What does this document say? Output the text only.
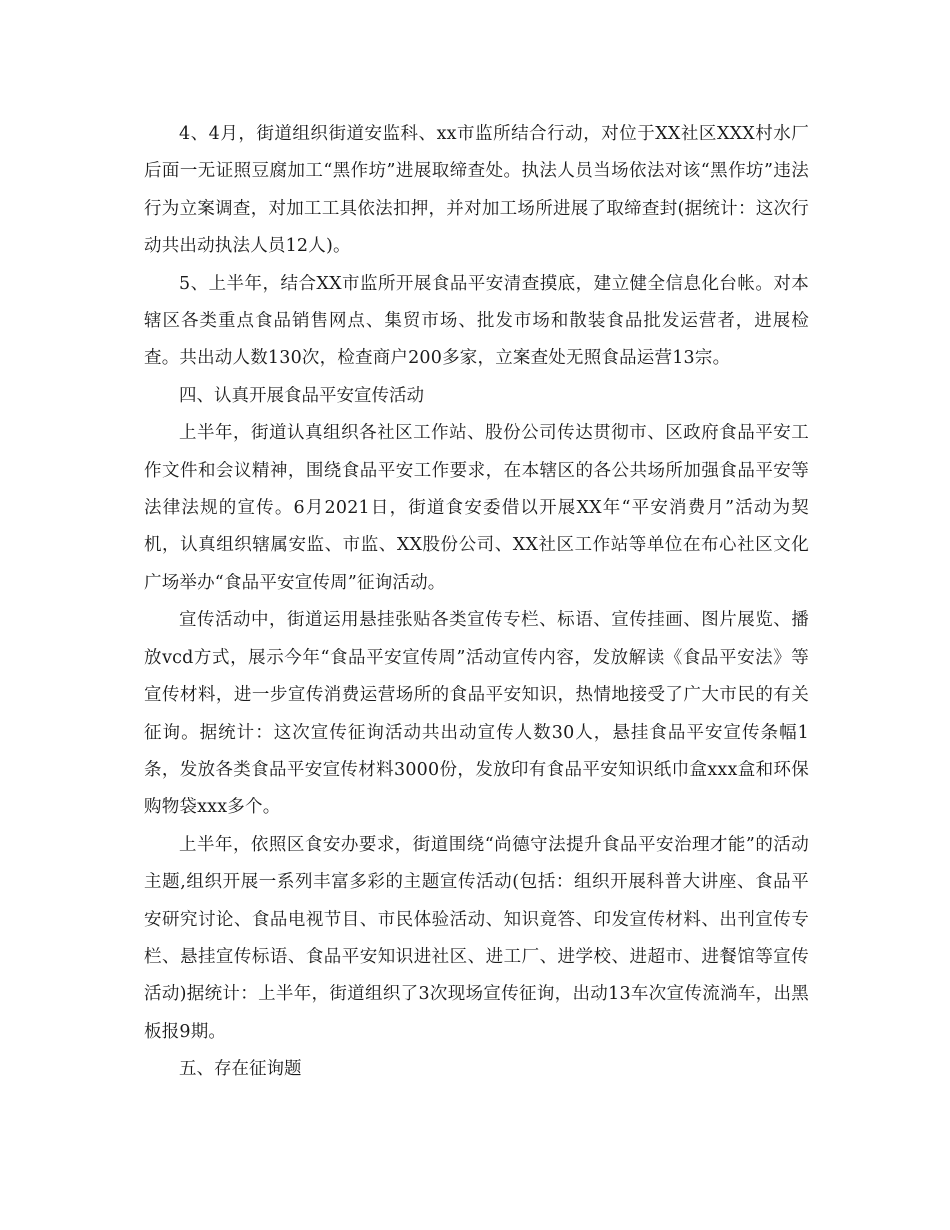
4、4月，街道组织街道安监科、xx市监所结合行动，对位于XX社区XXX村水厂后面一无证照豆腐加工“黑作坊”进展取缔查处。执法人员当场依法对该“黑作坊”违法行为立案调查，对加工工具依法扣押，并对加工场所进展了取缔查封(据统计：这次行动共出动执法人员12人)。

5、上半年，结合XX市监所开展食品平安清查摸底，建立健全信息化台帐。对本辖区各类重点食品销售网点、集贸市场、批发市场和散装食品批发运营者，进展检查。共出动人数130次，检查商户200多家，立案查处无照食品运营13宗。

四、认真开展食品平安宣传活动

上半年，街道认真组织各社区工作站、股份公司传达贯彻市、区政府食品平安工作文件和会议精神，围绕食品平安工作要求，在本辖区的各公共场所加强食品平安等法律法规的宣传。6月2021日，街道食安委借以开展XX年“平安消费月”活动为契机，认真组织辖属安监、市监、XX股份公司、XX社区工作站等单位在布心社区文化广场举办“食品平安宣传周”征询活动。

宣传活动中，街道运用悬挂张贴各类宣传专栏、标语、宣传挂画、图片展览、播放vcd方式，展示今年“食品平安宣传周”活动宣传内容，发放解读《食品平安法》等宣传材料，进一步宣传消费运营场所的食品平安知识，热情地接受了广大市民的有关征询。据统计：这次宣传征询活动共出动宣传人数30人，悬挂食品平安宣传条幅1条，发放各类食品平安宣传材料3000份，发放印有食品平安知识纸巾盒xxx盒和环保购物袋xxx多个。

上半年，依照区食安办要求，街道围绕“尚德守法提升食品平安治理才能”的活动主题,组织开展一系列丰富多彩的主题宣传活动(包括：组织开展科普大讲座、食品平安研究讨论、食品电视节目、市民体验活动、知识竟答、印发宣传材料、出刊宣传专栏、悬挂宣传标语、食品平安知识进社区、进工厂、进学校、进超市、进餐馆等宣传活动)据统计：上半年，街道组织了3次现场宣传征询，出动13车次宣传流淌车，出黑板报9期。

五、存在征询题
